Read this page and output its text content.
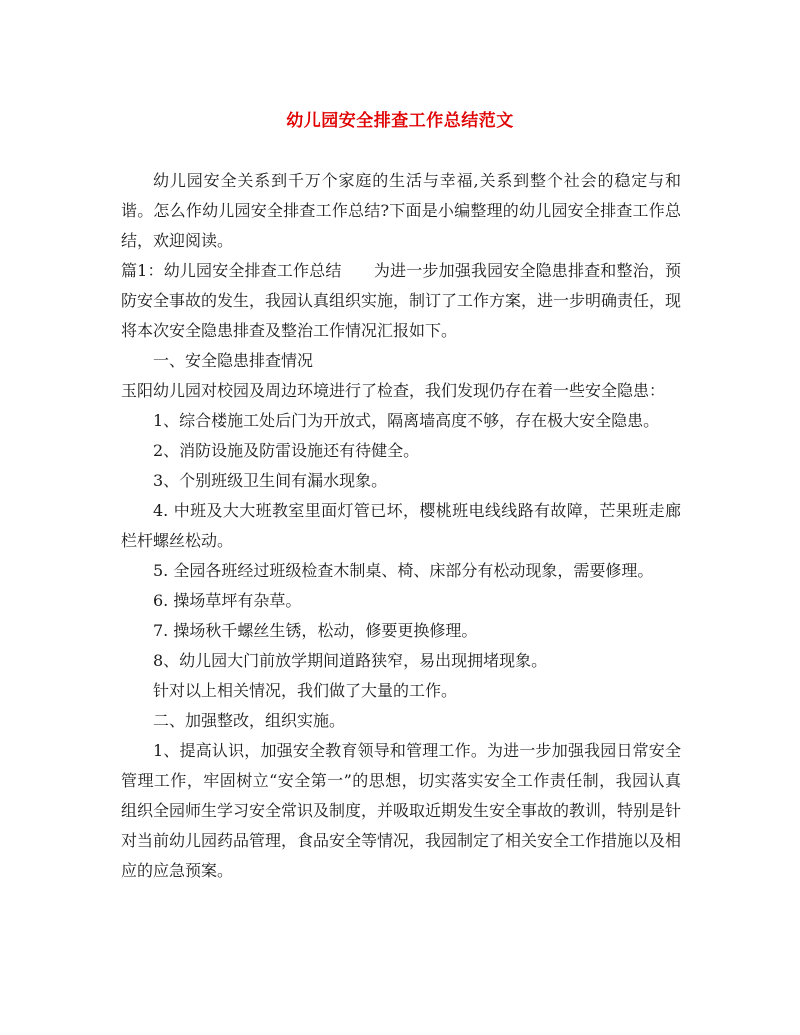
幼儿园安全排查工作总结范文

幼儿园安全关系到千万个家庭的生活与幸福,关系到整个社会的稳定与和谐。怎么作幼儿园安全排查工作总结?下面是小编整理的幼儿园安全排查工作总结，欢迎阅读。

篇1：幼儿园安全排查工作总结　　为进一步加强我园安全隐患排查和整治，预防安全事故的发生，我园认真组织实施，制订了工作方案，进一步明确责任，现将本次安全隐患排查及整治工作情况汇报如下。

一、安全隐患排查情况

玉阳幼儿园对校园及周边环境进行了检查，我们发现仍存在着一些安全隐患：

1、综合楼施工处后门为开放式，隔离墙高度不够，存在极大安全隐患。

2、消防设施及防雷设施还有待健全。

3、个别班级卫生间有漏水现象。

4. 中班及大大班教室里面灯管已坏，樱桃班电线线路有故障，芒果班走廊栏杆螺丝松动。

5. 全园各班经过班级检查木制桌、椅、床部分有松动现象，需要修理。

6. 操场草坪有杂草。

7. 操场秋千螺丝生锈，松动，修要更换修理。

8、幼儿园大门前放学期间道路狭窄，易出现拥堵现象。

针对以上相关情况，我们做了大量的工作。

二、加强整改，组织实施。

1、提高认识，加强安全教育领导和管理工作。为进一步加强我园日常安全管理工作，牢固树立“安全第一”的思想，切实落实安全工作责任制，我园认真组织全园师生学习安全常识及制度，并吸取近期发生安全事故的教训，特别是针对当前幼儿园药品管理，食品安全等情况，我园制定了相关安全工作措施以及相应的应急预案。
